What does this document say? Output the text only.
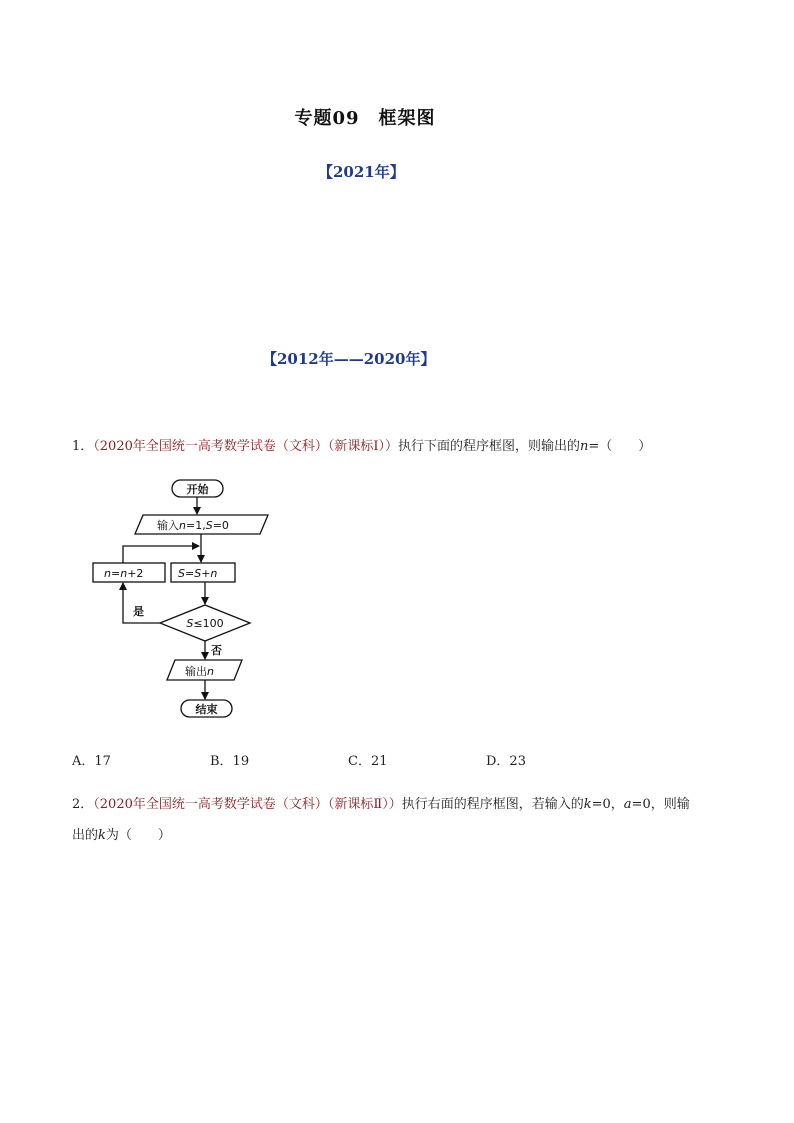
专题09　框架图
【2021年】
【2012年——2020年】
1．（2020年全国统一高考数学试卷（文科）（新课标Ⅰ））执行下面的程序框图，则输出的n=（　　）
开始
输入n=1,S=0
n=n+2	S=S+n
S≤100
是
否
输出n
结束
A．17	B．19	C．21	D．23
2．（2020年全国统一高考数学试卷（文科）（新课标Ⅱ））执行右面的程序框图，若输入的k=0，a=0，则输
出的k为（　　）
